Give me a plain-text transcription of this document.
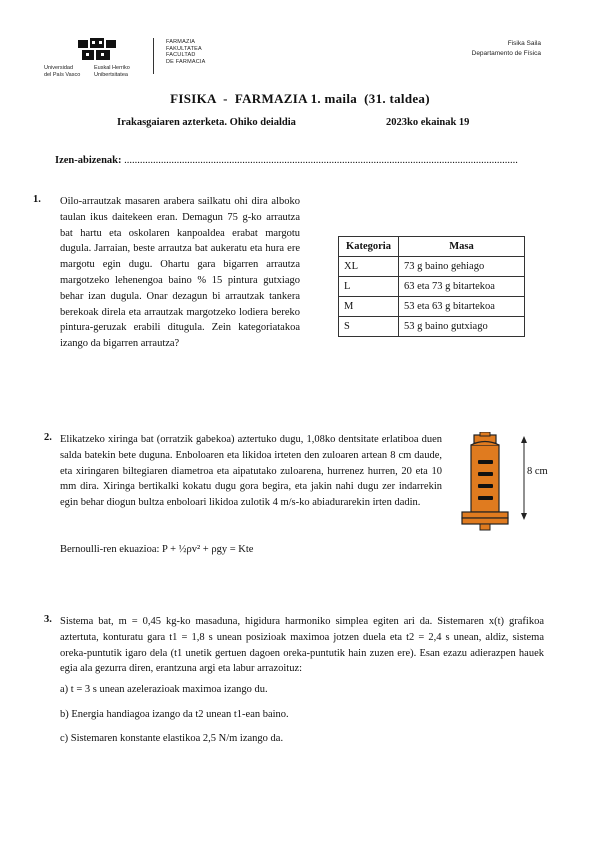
Universidad
del País Vasco
Euskal Herriko
Unibertsitatea
FARMAZIA
FAKULTATEA
FACULTAD
DE FARMACIA
Fisika Saila
Departamento de Física
FISIKA  -  FARMAZIA 1. maila  (31. taldea)
Irakasgaiaren azterketa. Ohiko deialdia	2023ko ekainak 19
Izen-abizenak: ......................................................................................................................................................
1. Oilo-arrautzak masaren arabera sailkatu ohi dira alboko taulan ikus daitekeen eran. Demagun 75 g-ko arrautza bat hartu eta oskolaren kanpoaldea erabat margotu dugula. Jarraian, beste arrautza bat aukeratu eta hura ere margotu egin dugu. Ohartu gara bigarren arrautza margotzeko lehenengoa baino % 15 pintura gutxiago behar izan dugula. Onar dezagun bi arrautzak tankera berekoak direla eta arrautzak margotzeko lodiera bereko pintura-geruzak erabili ditugula. Zein kategoriatakoa izango da bigarren arrautza?
Kategoria	Masa
XL	73 g baino gehiago
L	63 eta 73 g bitartekoa
M	53 eta 63 g bitartekoa
S	53 g baino gutxiago
2. Elikatzeko xiringa bat (orratzik gabekoa) aztertuko dugu, 1,08ko dentsitate erlatiboa duen salda batekin bete duguna. Enboloaren eta likidoa irteten den zuloaren artean 8 cm daude, eta xiringaren biltegiaren diametroa eta aipatutako zuloarena, hurrenez hurren, 20 eta 10 mm dira. Xiringa bertikalki kokatu dugu gora begira, eta jakin nahi dugu zer indarrekin egin behar diogun bultza enboloari likidoa zulotik 4 m/s-ko abiadurarekin irten dadin.
Bernoulli-ren ekuazioa: P + ½ρv² + ρgy = Kte
8 cm
3. Sistema bat, m = 0,45 kg-ko masaduna, higidura harmoniko simplea egiten ari da. Sistemaren x(t) grafikoa aztertuta, konturatu gara t1 = 1,8 s unean posizioak maximoa jotzen duela eta t2 = 2,4 s unean, aldiz, sistema oreka-puntutik igaro dela (t1 unetik gertuen dagoen oreka-puntutik hain zuzen ere). Esan ezazu adierazpen hauek egia ala gezurra diren, erantzuna argi eta labur arrazoituz:
a) t = 3 s unean azelerazioak maximoa izango du.
b) Energia handiagoa izango da t2 unean t1-ean baino.
c) Sistemaren konstante elastikoa 2,5 N/m izango da.
